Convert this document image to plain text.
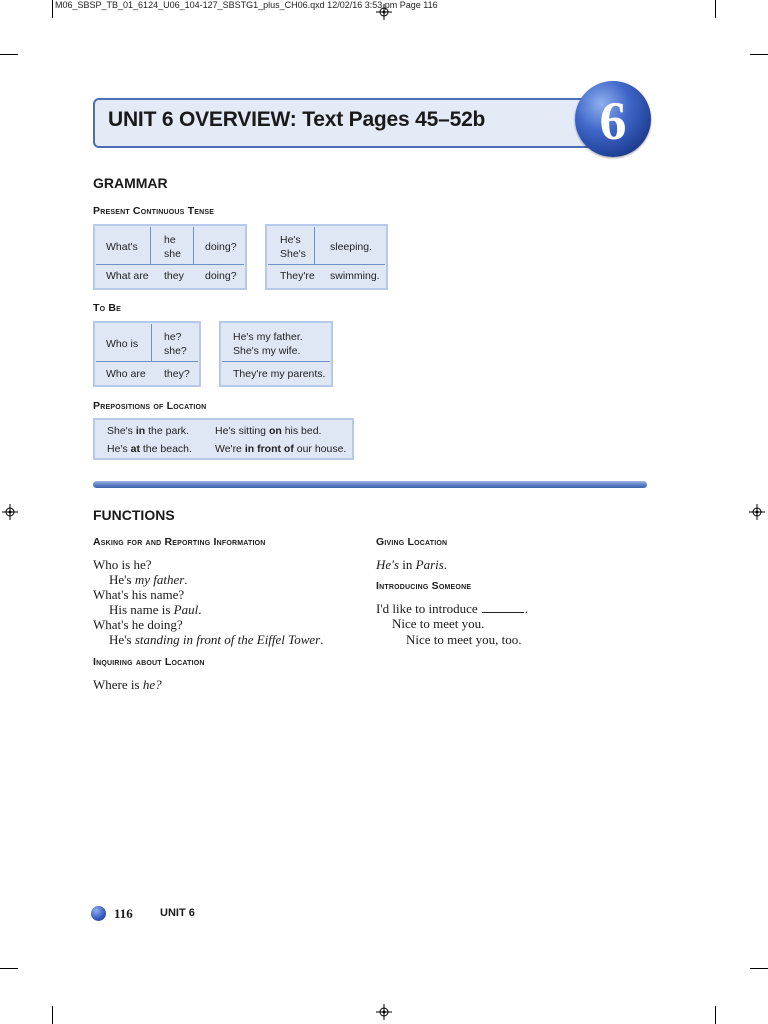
M06_SBSP_TB_01_6124_U06_104-127_SBSTG1_plus_CH06.qxd 12/02/16 3:53 pm Page 116
UNIT 6 OVERVIEW: Text Pages 45–52b	6
GRAMMAR
Present Continuous Tense
What's
he
she
doing?
What are they doing?
He's
She's
sleeping.
They're swimming.
To Be
Who is
he?
she?
Who are they?
He's my father.
She's my wife.
They're my parents.
Prepositions of Location
She's in the park. He's sitting on his bed.
He's at the beach. We're in front of our house.
FUNCTIONS
Asking for and Reporting Information
Who is he?
He's my father.
What's his name?
His name is Paul.
What's he doing?
He's standing in front of the Eiffel Tower.
Inquiring about Location
Where is he?
Giving Location
He's in Paris.
Introducing Someone
I'd like to introduce	.
Nice to meet you.
Nice to meet you, too.
116 UNIT 6
